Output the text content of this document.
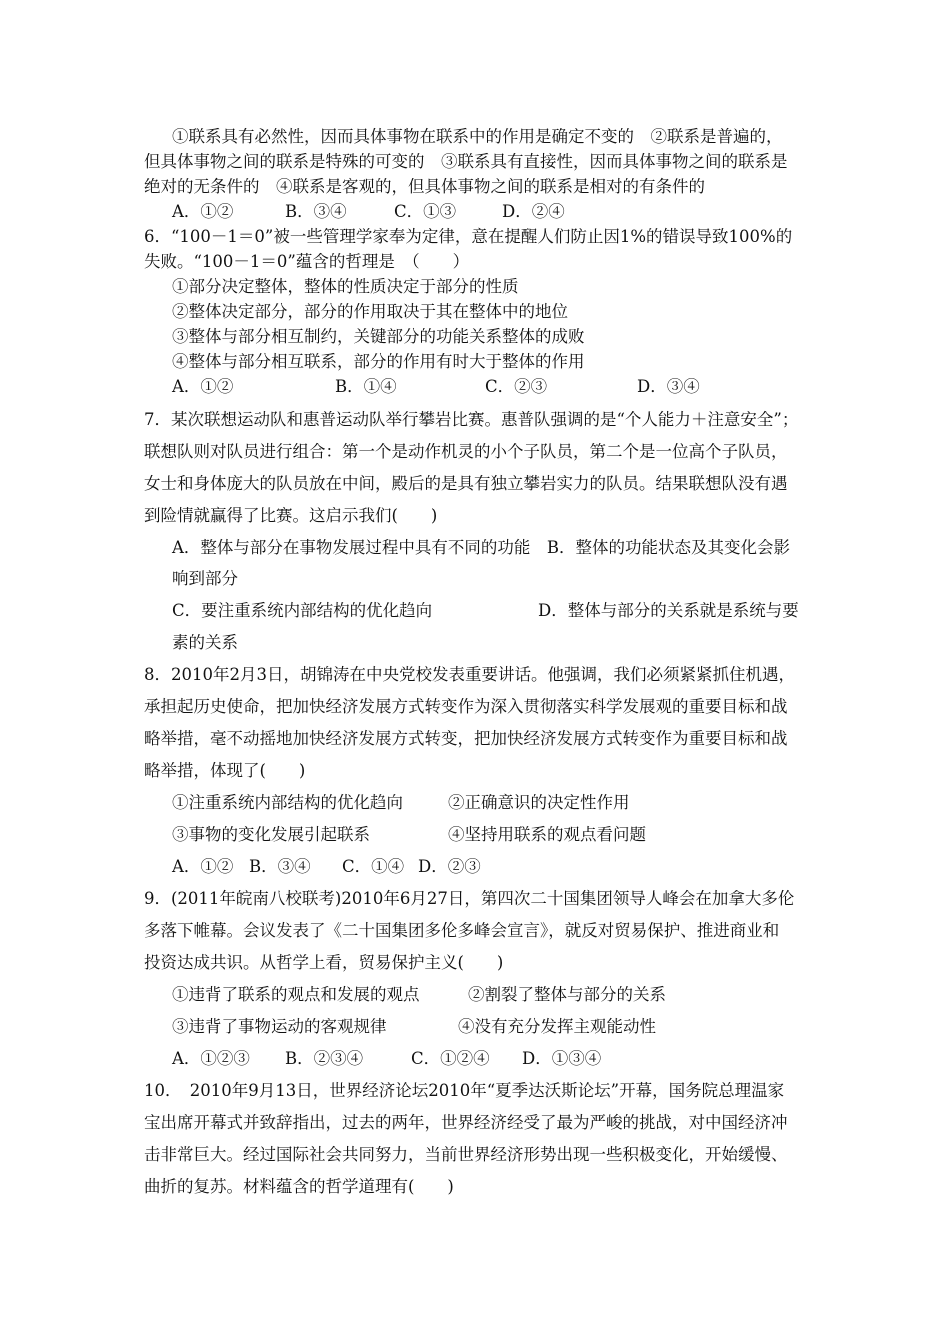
①联系具有必然性，因而具体事物在联系中的作用是确定不变的　②联系是普遍的，
但具体事物之间的联系是特殊的可变的　③联系具有直接性，因而具体事物之间的联系是
绝对的无条件的　④联系是客观的，但具体事物之间的联系是相对的有条件的
A．①②	B．③④	C．①③	D．②④
6．“100－1＝0”被一些管理学家奉为定律，意在提醒人们防止因1%的错误导致100%的
失败。“100－1＝0”蕴含的哲理是　（　　）
①部分决定整体，整体的性质决定于部分的性质
②整体决定部分，部分的作用取决于其在整体中的地位
③整体与部分相互制约，关键部分的功能关系整体的成败
④整体与部分相互联系，部分的作用有时大于整体的作用
A．①②	B．①④	C．②③	D．③④
7．某次联想运动队和惠普运动队举行攀岩比赛。惠普队强调的是“个人能力＋注意安全”；
联想队则对队员进行组合：第一个是动作机灵的小个子队员，第二个是一位高个子队员，
女士和身体庞大的队员放在中间，殿后的是具有独立攀岩实力的队员。结果联想队没有遇
到险情就赢得了比赛。这启示我们(　　)
A．整体与部分在事物发展过程中具有不同的功能　B．整体的功能状态及其变化会影
响到部分
C．要注重系统内部结构的优化趋向	D．整体与部分的关系就是系统与要
素的关系
8．2010年2月3日，胡锦涛在中央党校发表重要讲话。他强调，我们必须紧紧抓住机遇，
承担起历史使命，把加快经济发展方式转变作为深入贯彻落实科学发展观的重要目标和战
略举措，毫不动摇地加快经济发展方式转变，把加快经济发展方式转变作为重要目标和战
略举措，体现了(　　)
①注重系统内部结构的优化趋向	②正确意识的决定性作用
③事物的变化发展引起联系	④坚持用联系的观点看问题
A．①② B．③④ C．①④ D．②③
9．(2011年皖南八校联考)2010年6月27日，第四次二十国集团领导人峰会在加拿大多伦
多落下帷幕。会议发表了《二十国集团多伦多峰会宣言》，就反对贸易保护、推进商业和
投资达成共识。从哲学上看，贸易保护主义(　　)
①违背了联系的观点和发展的观点	②割裂了整体与部分的关系
③违背了事物运动的客观规律	④没有充分发挥主观能动性
A．①②③ B．②③④	C．①②④ D．①③④
10．　2010年9月13日，世界经济论坛2010年“夏季达沃斯论坛”开幕，国务院总理温家
宝出席开幕式并致辞指出，过去的两年，世界经济经受了最为严峻的挑战，对中国经济冲
击非常巨大。经过国际社会共同努力，当前世界经济形势出现一些积极变化，开始缓慢、
曲折的复苏。材料蕴含的哲学道理有(　　)
